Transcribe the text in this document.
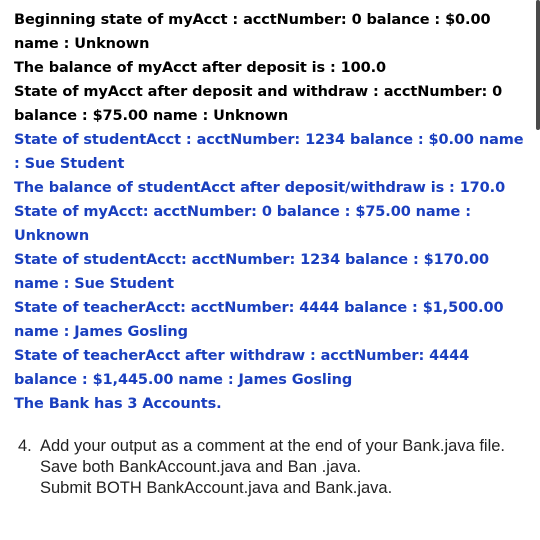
Beginning state of myAcct : acctNumber: 0 balance : $0.00 name : Unknown

The balance of myAcct after deposit is : 100.0

State of myAcct after deposit and withdraw : acctNumber: 0 balance : $75.00 name : Unknown

State of studentAcct : acctNumber: 1234 balance : $0.00 name : Sue Student

The balance of studentAcct after deposit/withdraw is : 170.0

State of myAcct: acctNumber: 0 balance : $75.00 name : Unknown

State of studentAcct: acctNumber: 1234 balance : $170.00 name : Sue Student

State of teacherAcct: acctNumber: 4444 balance : $1,500.00 name : James Gosling

State of teacherAcct after withdraw : acctNumber: 4444 balance : $1,445.00 name : James Gosling

The Bank has 3 Accounts.

4. Add your output as a comment at the end of your Bank.java file.

Save both BankAccount.java and Ban .java.

Submit BOTH BankAccount.java and Bank.java.
